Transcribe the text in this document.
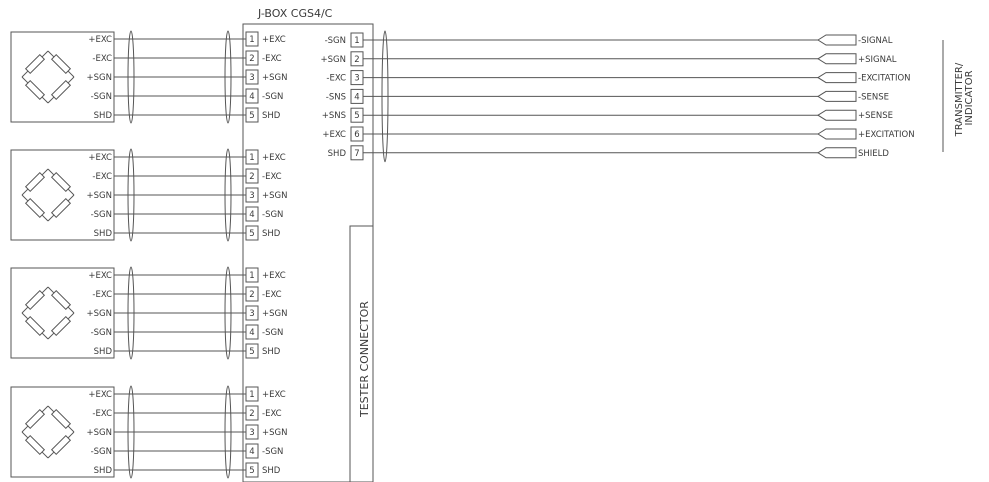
J-BOX CGS4/C
TESTER CONNECTOR
TRANSMITTER/ INDICATOR
+EXC	1 +EXC
-EXC	2 -EXC
+SGN	3 +SGN
-SGN	4 -SGN
SHD	5 SHD
+EXC	1 +EXC
-EXC	2 -EXC
+SGN	3 +SGN
-SGN	4 -SGN
SHD	5 SHD
+EXC	1 +EXC
-EXC	2 -EXC
+SGN	3 +SGN
-SGN	4 -SGN
SHD	5 SHD
+EXC	1 +EXC
-EXC	2 -EXC
+SGN	3 +SGN
-SGN	4 -SGN
SHD	5 SHD
-SGN 1	-SIGNAL
+SGN 2	+SIGNAL
-EXC 3	-EXCITATION
-SNS 4	-SENSE
+SNS 5	+SENSE
+EXC 6	+EXCITATION
SHD 7	SHIELD
